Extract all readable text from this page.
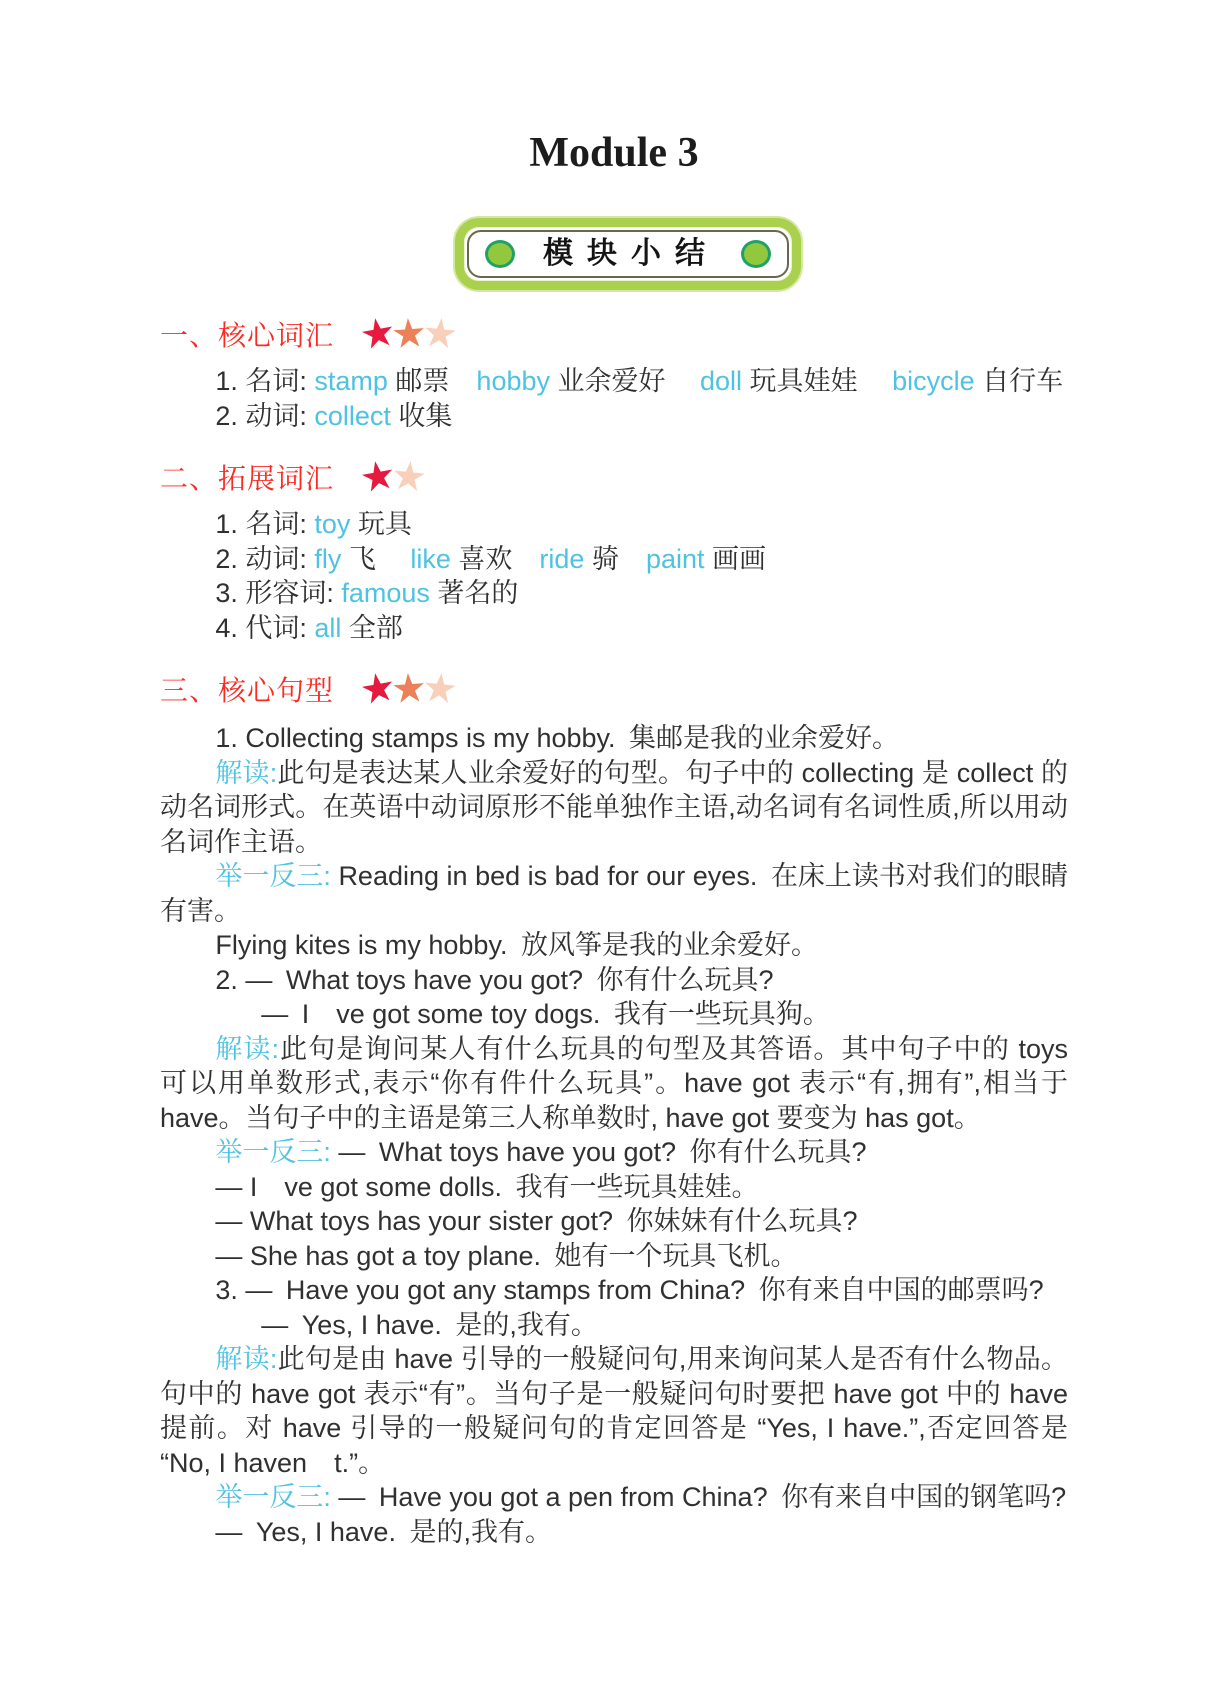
Module 3
模块小结
一、核心词汇 ★
★
★

1. 名词: stamp 邮票　hobby 业余爱好　 doll 玩具娃娃　 bicycle 自行车

2. 动词: collect 收集

二、拓展词汇 ★
★

1. 名词: toy 玩具

2. 动词: fly 飞　 like 喜欢　ride 骑　paint 画画

3. 形容词: famous 著名的

4. 代词: all 全部

三、核心句型 ★
★
★

1. Collecting stamps is my hobby. 集邮是我的业余爱好。

解读:此句是表达某人业余爱好的句型。句子中的 collecting 是 collect 的动名词形式。在英语中动词原形不能单独作主语,动名词有名词性质,所以用动名词作主语。

举一反三: Reading in bed is bad for our eyes. 在床上读书对我们的眼睛有害。

Flying kites is my hobby. 放风筝是我的业余爱好。

2. — What toys have you got? 你有什么玩具?

— I ve got some toy dogs. 我有一些玩具狗。

解读:此句是询问某人有什么玩具的句型及其答语。其中句子中的 toys 可以用单数形式,表示“你有件什么玩具”。have got 表示“有,拥有”,相当于 have。当句子中的主语是第三人称单数时, have got 要变为 has got。

举一反三: — What toys have you got? 你有什么玩具?

— I ve got some dolls. 我有一些玩具娃娃。

— What toys has your sister got? 你妹妹有什么玩具?

— She has got a toy plane. 她有一个玩具飞机。

3. — Have you got any stamps from China? 你有来自中国的邮票吗?

— Yes, I have. 是的,我有。

解读:此句是由 have 引导的一般疑问句,用来询问某人是否有什么物品。句中的 have got 表示“有”。当句子是一般疑问句时要把 have got 中的 have 提前。对 have 引导的一般疑问句的肯定回答是 “Yes, I have.”,否定回答是 “No, I haven t.”。

举一反三: — Have you got a pen from China? 你有来自中国的钢笔吗?

— Yes, I have. 是的,我有。
